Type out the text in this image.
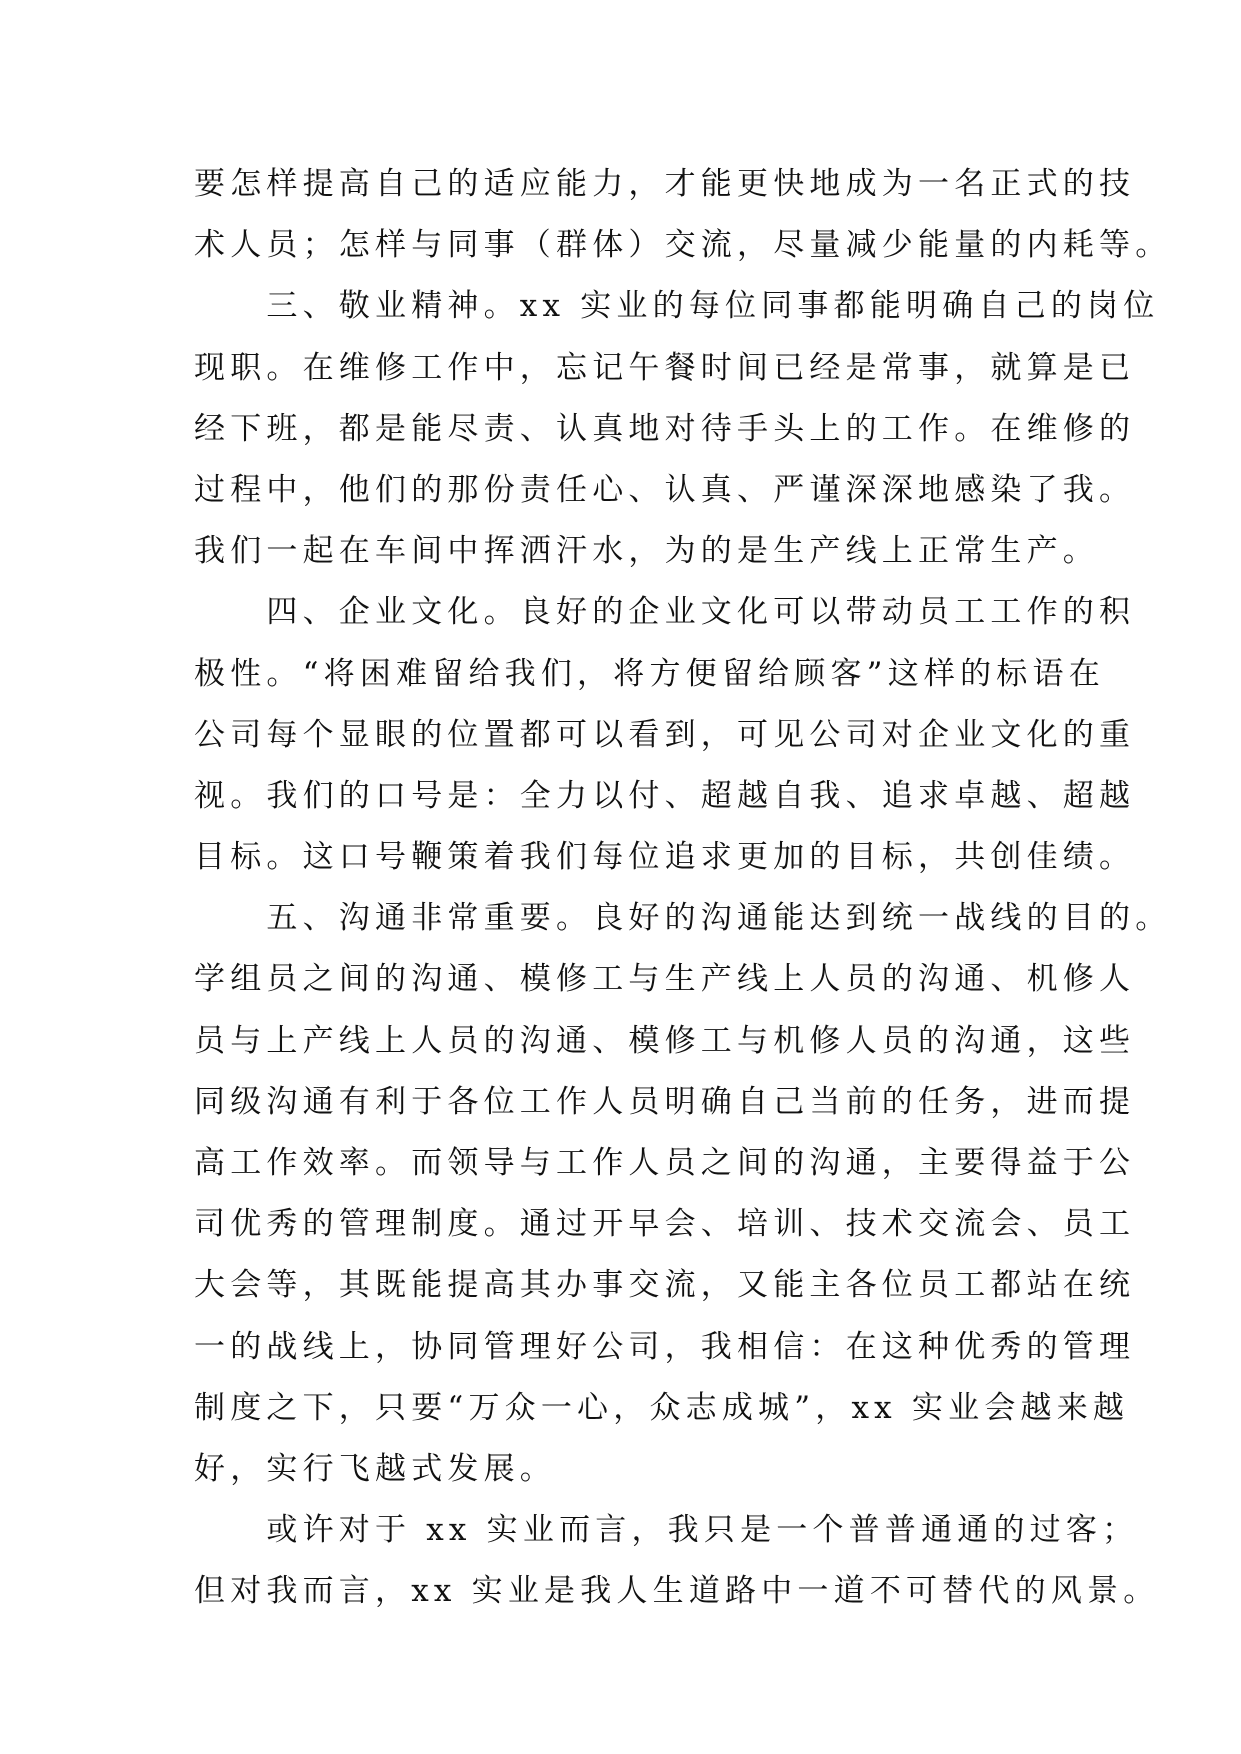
要怎样提高自己的适应能力，才能更快地成为一名正式的技
术人员；怎样与同事（群体）交流，尽量减少能量的内耗等。
　　三、敬业精神。xx 实业的每位同事都能明确自己的岗位
现职。在维修工作中，忘记午餐时间已经是常事，就算是已
经下班，都是能尽责、认真地对待手头上的工作。在维修的
过程中，他们的那份责任心、认真、严谨深深地感染了我。
我们一起在车间中挥洒汗水，为的是生产线上正常生产。
　　四、企业文化。良好的企业文化可以带动员工工作的积
极性。“将困难留给我们，将方便留给顾客”这样的标语在
公司每个显眼的位置都可以看到，可见公司对企业文化的重
视。我们的口号是：全力以付、超越自我、追求卓越、超越
目标。这口号鞭策着我们每位追求更加的目标，共创佳绩。
　　五、沟通非常重要。良好的沟通能达到统一战线的目的。
学组员之间的沟通、模修工与生产线上人员的沟通、机修人
员与上产线上人员的沟通、模修工与机修人员的沟通，这些
同级沟通有利于各位工作人员明确自己当前的任务，进而提
高工作效率。而领导与工作人员之间的沟通，主要得益于公
司优秀的管理制度。通过开早会、培训、技术交流会、员工
大会等，其既能提高其办事交流，又能主各位员工都站在统
一的战线上，协同管理好公司，我相信：在这种优秀的管理
制度之下，只要“万众一心，众志成城”，xx 实业会越来越
好，实行飞越式发展。
　　或许对于 xx 实业而言，我只是一个普普通通的过客；
但对我而言，xx 实业是我人生道路中一道不可替代的风景。
